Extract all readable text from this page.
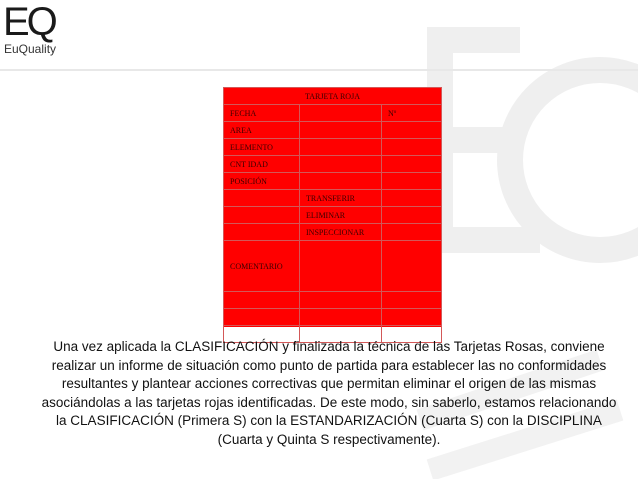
EQ
EuQuality
TARJETA ROJA		
FECHA		Nº
AREA		
ELEMENTO		
CNT IDAD		
POSICIÓN		
	TRANSFERIR	
	ELIMINAR	
	INSPECCIONAR	
COMENTARIO		

Una vez aplicada la CLASIFICACIÓN y finalizada la técnica de las Tarjetas Rosas, conviene realizar un informe de situación como punto de partida para establecer las no conformidades resultantes y plantear acciones correctivas que permitan eliminar el origen de las mismas asociándolas a las tarjetas rojas identificadas. De este modo, sin saberlo, estamos relacionando la CLASIFICACIÓN (Primera S) con la ESTANDARIZACIÓN (Cuarta S) con la DISCIPLINA (Cuarta y Quinta S respectivamente).
